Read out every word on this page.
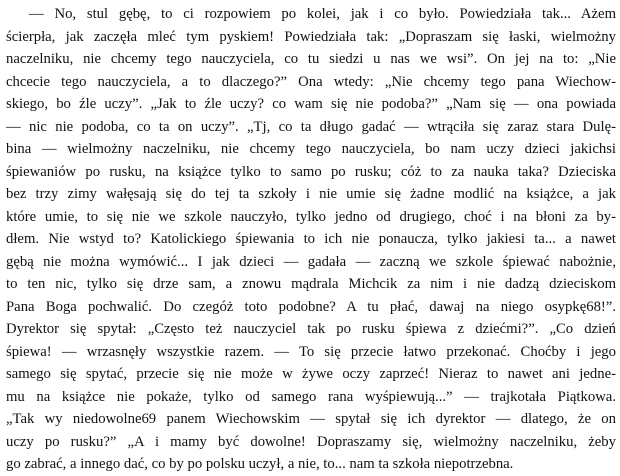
— No, stul gębę, to ci rozpowiem po kolei, jak i co było. Powiedziała tak... Ażem
ścierpła, jak zaczęła mleć tym pyskiem! Powiedziała tak: „Dopraszam się łaski, wielmożny
naczelniku, nie chcemy tego nauczyciela, co tu siedzi u nas we wsi”. On jej na to: „Nie
chcecie tego nauczyciela, a to dlaczego?” Ona wtedy: „Nie chcemy tego pana Wiechow-
skiego, bo źle uczy”. „Jak to źle uczy? co wam się nie podoba?” „Nam się — ona powiada
— nic nie podoba, co ta on uczy”. „Tj, co ta długo gadać — wtrąciła się zaraz stara Dulę-
bina — wielmożny naczelniku, nie chcemy tego nauczyciela, bo nam uczy dzieci jakichsi
śpiewaniów po rusku, na książce tylko to samo po rusku; cóż to za nauka taka? Dzieciska
bez trzy zimy wałęsają się do tej ta szkoły i nie umie się żadne modlić na książce, a jak
które umie, to się nie we szkole nauczyło, tylko jedno od drugiego, choć i na błoni za by-
dłem. Nie wstyd to? Katolickiego śpiewania to ich nie ponaucza, tylko jakiesi ta... a nawet
gębą nie można wymówić... I jak dzieci — gadała — zaczną we szkole śpiewać nabożnie,
to ten nic, tylko się drze sam, a znowu mądrala Michcik za nim i nie dadzą dzieciskom
Pana Boga pochwalić. Do czegóż toto podobne? A tu płać, dawaj na niego osypkę68!”.
Dyrektor się spytał: „Często też nauczyciel tak po rusku śpiewa z dziećmi?”. „Co dzień
śpiewa! — wrzasnęły wszystkie razem. — To się przecie łatwo przekonać. Choćby i jego
samego się spytać, przecie się nie może w żywe oczy zaprzeć! Nieraz to nawet ani jedne-
mu na książce nie pokaże, tylko od samego rana wyśpiewują...” — trajkotała Piątkowa.
„Tak wy niedowolne69 panem Wiechowskim — spytał się ich dyrektor — dlatego, że on
uczy po rusku?” „A i mamy być dowolne! Dopraszamy się, wielmożny naczelniku, żeby
go zabrać, a innego dać, co by po polsku uczył, a nie, to... nam ta szkoła niepotrzebna.
